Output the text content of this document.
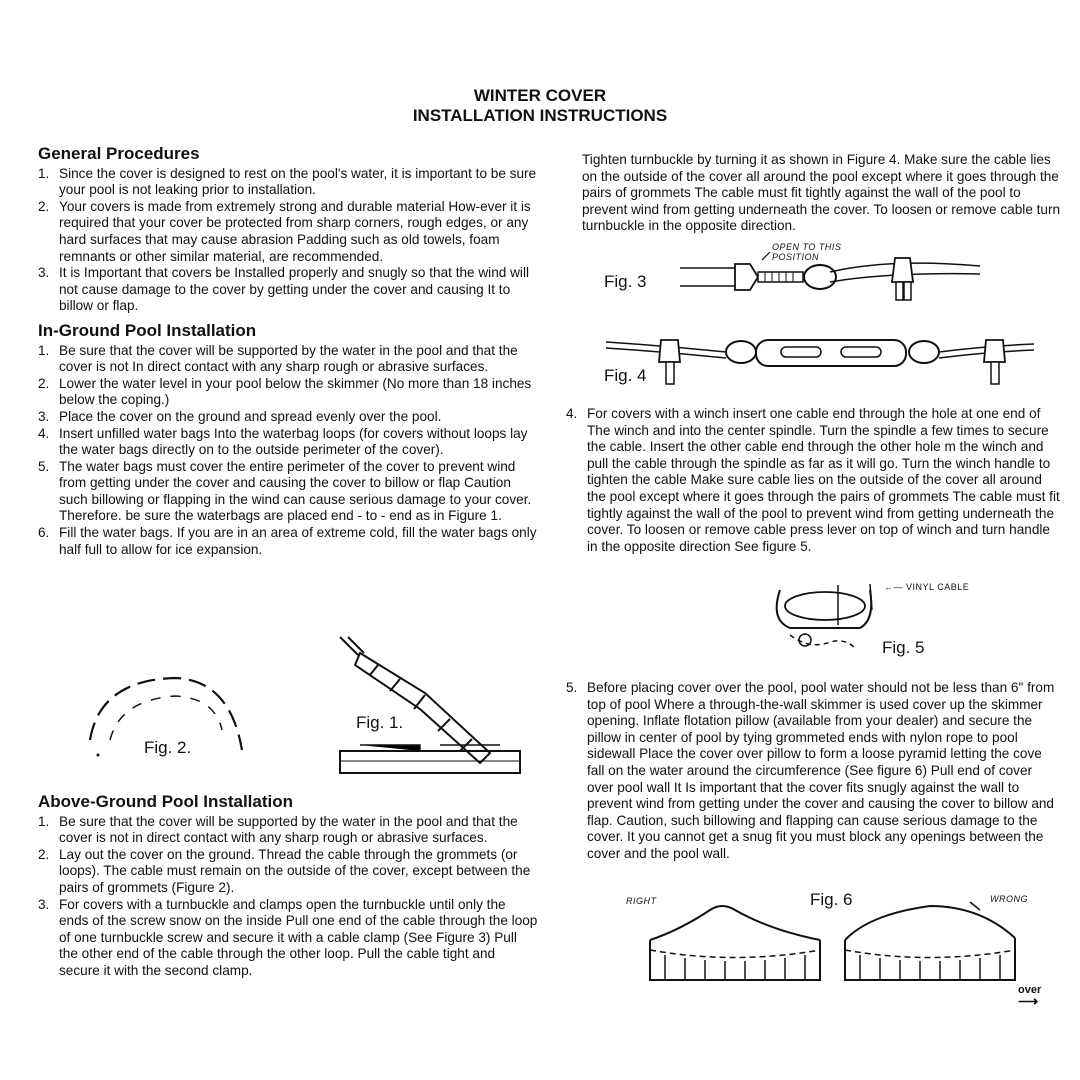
WINTER COVER
INSTALLATION INSTRUCTIONS
General Procedures
1. Since the cover is designed to rest on the pool's water, it is important to be sure your pool is not leaking prior to installation.
2. Your covers is made from extremely strong and durable material How-ever it is required that your cover be protected from sharp corners, rough edges, or any hard surfaces that may cause abrasion Padding such as old towels, foam remnants or other similar material, are recommended.
3. It is Important that covers be Installed properly and snugly so that the wind will not cause damage to the cover by getting under the cover and causing It to billow or flap.
In-Ground Pool Installation
1. Be sure that the cover will be supported by the water in the pool and that the cover is not In direct contact with any sharp rough or abrasive surfaces.
2. Lower the water level in your pool below the skimmer (No more than 18 inches below the coping.)
3. Place the cover on the ground and spread evenly over the pool.
4. Insert unfilled water bags Into the waterbag loops (for covers without loops lay the water bags directly on to the outside perimeter of the cover).
5. The water bags must cover the entire perimeter of the cover to prevent wind from getting under the cover and causing the cover to billow or flap Caution such billowing or flapping in the wind can cause serious damage to your cover. Therefore. be sure the waterbags are placed end - to - end as in Figure 1.
6. Fill the water bags. If you are in an area of extreme cold, fill the water bags only half full to allow for ice expansion.
Fig. 2.
Fig. 1.
Above-Ground Pool Installation
1. Be sure that the cover will be supported by the water in the pool and that the cover is not in direct contact with any sharp rough or abrasive surfaces.
2. Lay out the cover on the ground. Thread the cable through the grommets (or loops). The cable must remain on the outside of the cover, except between the pairs of grommets (Figure 2).
3. For covers with a turnbuckle and clamps open the turnbuckle until only the ends of the screw snow on the inside Pull one end of the cable through the loop of one turnbuckle screw and secure it with a cable clamp (See Figure 3) Pull the other end of the cable through the other loop. Pull the cable tight and secure it with the second clamp.

Tighten turnbuckle by turning it as shown in Figure 4. Make sure the cable lies on the outside of the cover all around the pool except where it goes through the pairs of grommets The cable must fit tightly against the wall of the pool to prevent wind from getting underneath the cover. To loosen or remove cable turn turnbuckle in the opposite direction.

Fig. 3
OPEN TO THIS POSITION
Fig. 4
4. For covers with a winch insert one cable end through the hole at one end of The winch and into the center spindle. Turn the spindle a few times to secure the cable. Insert the other cable end through the other hole m the winch and pull the cable through the spindle as far as it will go. Turn the winch handle to tighten the cable Make sure cable lies on the outside of the cover all around the pool except where it goes through the pairs of grommets The cable must fit tightly against the wall of the pool to prevent wind from getting underneath the cover. To loosen or remove cable press lever on top of winch and turn handle in the opposite direction See figure 5.
←— VINYL CABLE
Fig. 5
5. Before placing cover over the pool, pool water should not be less than 6" from top of pool Where a through-the-wall skimmer is used cover up the skimmer opening. Inflate flotation pillow (available from your dealer) and secure the pillow in center of pool by tying grommeted ends with nylon rope to pool sidewall Place the cover over pillow to form a loose pyramid letting the cove fall on the water around the circumference (See figure 6) Pull end of cover over pool wall It Is important that the cover fits snugly against the wall to prevent wind from getting under the cover and causing the cover to billow and flap. Caution, such billowing and flapping can cause serious damage to the cover. It you cannot get a snug fit you must block any openings between the cover and the pool wall.
RIGHT	Fig. 6	WRONG
over
⟶
